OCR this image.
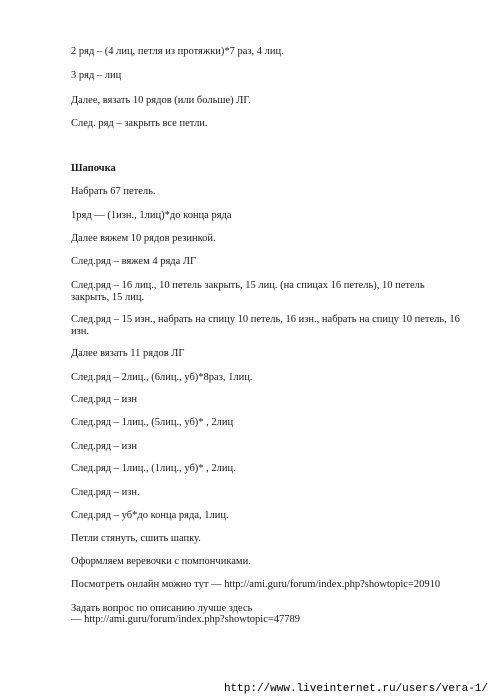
2 ряд – (4 лиц, петля из протяжки)*7 раз, 4 лиц.
3 ряд – лиц
Далее, вязать 10 рядов (или больше) ЛГ.
След. ряд – закрыть все петли.
Шапочка
Набрать 67 петель.
1ряд — (1изн., 1лиц)*до конца ряда
Далее вяжем 10 рядов резинкой.
След.ряд – вяжем 4 ряда ЛГ
След.ряд – 16 лиц., 10 петель закрыть, 15 лиц. (на спицах 16 петель), 10 петель закрыть, 15 лиц.
След.ряд – 15 изн., набрать на спицу 10 петель, 16 изн., набрать на спицу 10 петель, 16 изн.
Далее вязать 11 рядов ЛГ
След.ряд – 2лиц., (6лиц., уб)*8раз, 1лиц.
След.ряд – изн
След.ряд – 1лиц., (5лиц., уб)* , 2лиц
След.ряд – изн
След.ряд – 1лиц., (1лиц., уб)* , 2лиц.
След.ряд – изн.
След.ряд – уб*до конца ряда, 1лиц.
Петли стянуть, сшить шапку.
Оформляем веревочки с помпончиками.
Посмотреть онлайн можно тут — http://ami.guru/forum/index.php?showtopic=20910
Задать вопрос по описанию лучше здесь
— http://ami.guru/forum/index.php?showtopic=47789
http://www.liveinternet.ru/users/vera-1/
